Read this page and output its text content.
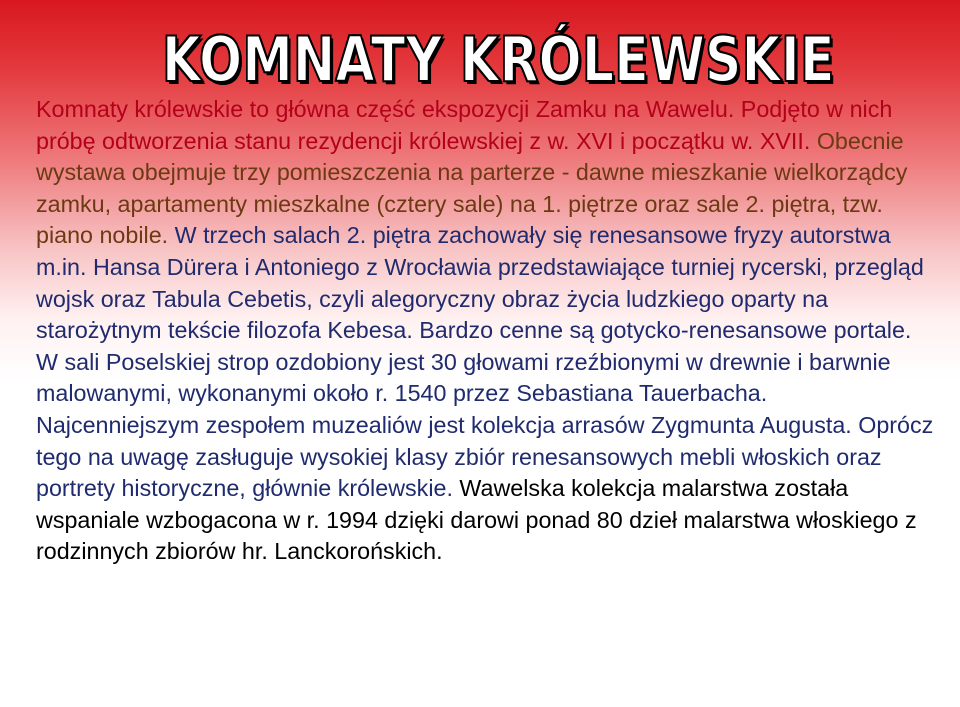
KOMNATY KRÓLEWSKIE

Komnaty królewskie to główna część ekspozycji Zamku na Wawelu. Podjęto w nich próbę odtworzenia stanu rezydencji królewskiej z w. XVI i początku w. XVII. Obecnie wystawa obejmuje trzy pomieszczenia na parterze - dawne mieszkanie wielkorządcy zamku, apartamenty mieszkalne (cztery sale) na 1. piętrze oraz sale 2. piętra, tzw. piano nobile. W trzech salach 2. piętra zachowały się renesansowe fryzy autorstwa m.in. Hansa Dürera i Antoniego z Wrocławia przedstawiające turniej rycerski, przegląd wojsk oraz Tabula Cebetis, czyli alegoryczny obraz życia ludzkiego oparty na starożytnym tekście filozofa Kebesa. Bardzo cenne są gotycko-renesansowe portale. W sali Poselskiej strop ozdobiony jest 30 głowami rzeźbionymi w drewnie i barwnie malowanymi, wykonanymi około r. 1540 przez Sebastiana Tauerbacha. Najcenniejszym zespołem muzealiów jest kolekcja arrasów Zygmunta Augusta. Oprócz tego na uwagę zasługuje wysokiej klasy zbiór renesansowych mebli włoskich oraz portrety historyczne, głównie królewskie. Wawelska kolekcja malarstwa została wspaniale wzbogacona w r. 1994 dzięki darowi ponad 80 dzieł malarstwa włoskiego z rodzinnych zbiorów hr. Lanckorońskich.
